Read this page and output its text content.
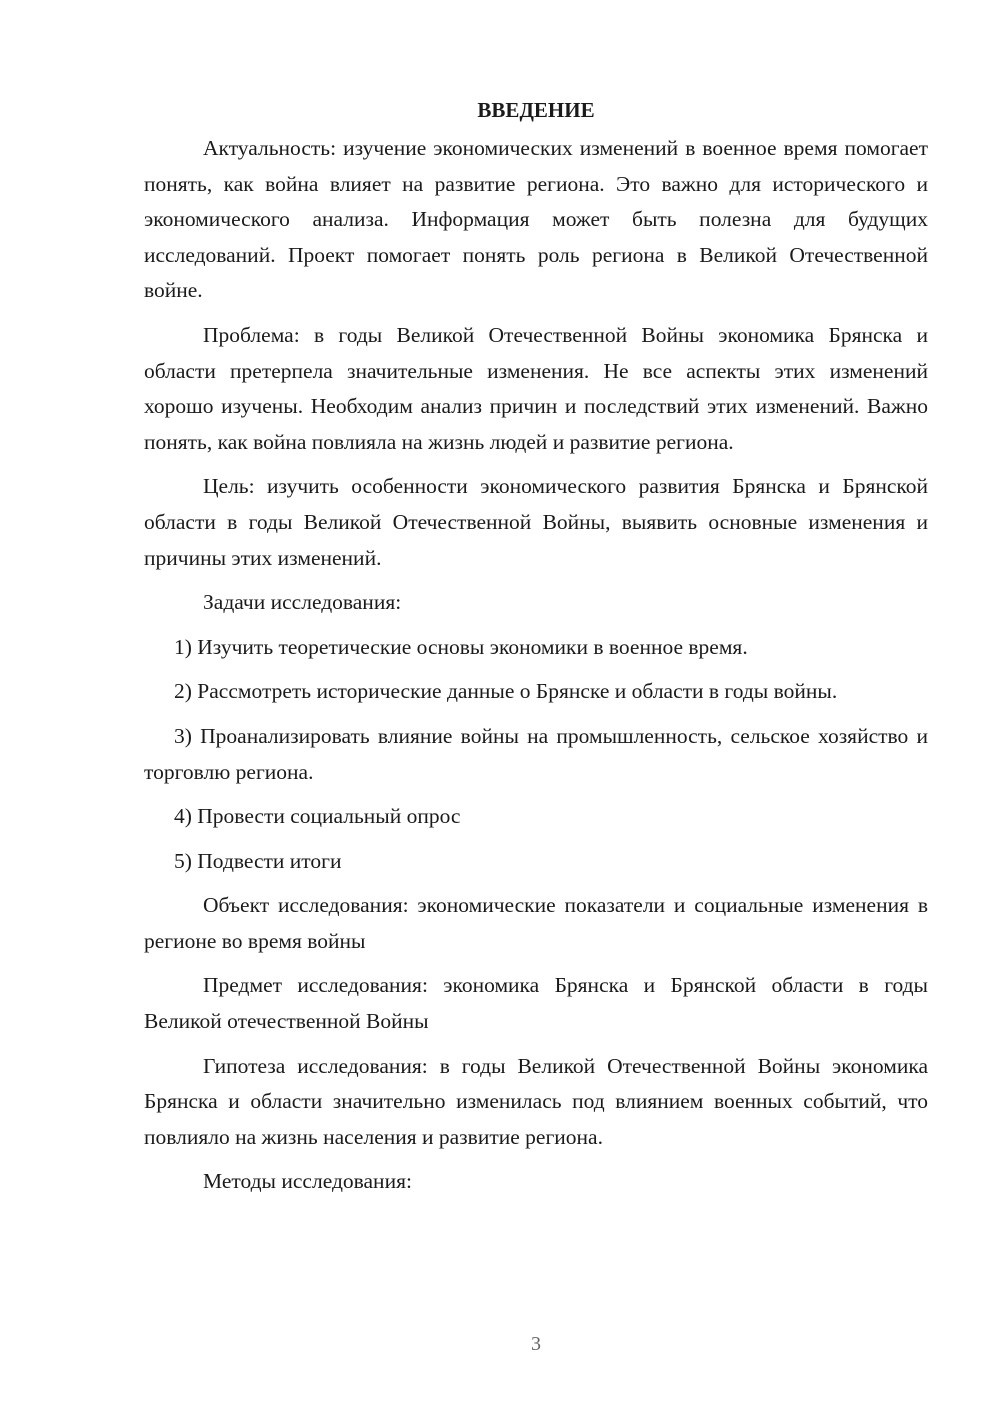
ВВЕДЕНИЕ

Актуальность: изучение экономических изменений в военное время помогает понять, как война влияет на развитие региона. Это важно для исторического и экономического анализа. Информация может быть полезна для будущих исследований. Проект помогает понять роль региона в Великой Отечественной войне.

Проблема: в годы Великой Отечественной Войны экономика Брянска и области претерпела значительные изменения. Не все аспекты этих изменений хорошо изучены. Необходим анализ причин и последствий этих изменений. Важно понять, как война повлияла на жизнь людей и развитие региона.

Цель: изучить особенности экономического развития Брянска и Брянской области в годы Великой Отечественной Войны, выявить основные изменения и причины этих изменений.

Задачи исследования:

1) Изучить теоретические основы экономики в военное время.

2) Рассмотреть исторические данные о Брянске и области в годы войны.

3) Проанализировать влияние войны на промышленность, сельское хозяйство и торговлю региона.

4) Провести социальный опрос

5) Подвести итоги

Объект исследования: экономические показатели и социальные изменения в регионе во время войны

Предмет исследования: экономика Брянска и Брянской области в годы Великой отечественной Войны

Гипотеза исследования: в годы Великой Отечественной Войны экономика Брянска и области значительно изменилась под влиянием военных событий, что повлияло на жизнь населения и развитие региона.

Методы исследования:

3
